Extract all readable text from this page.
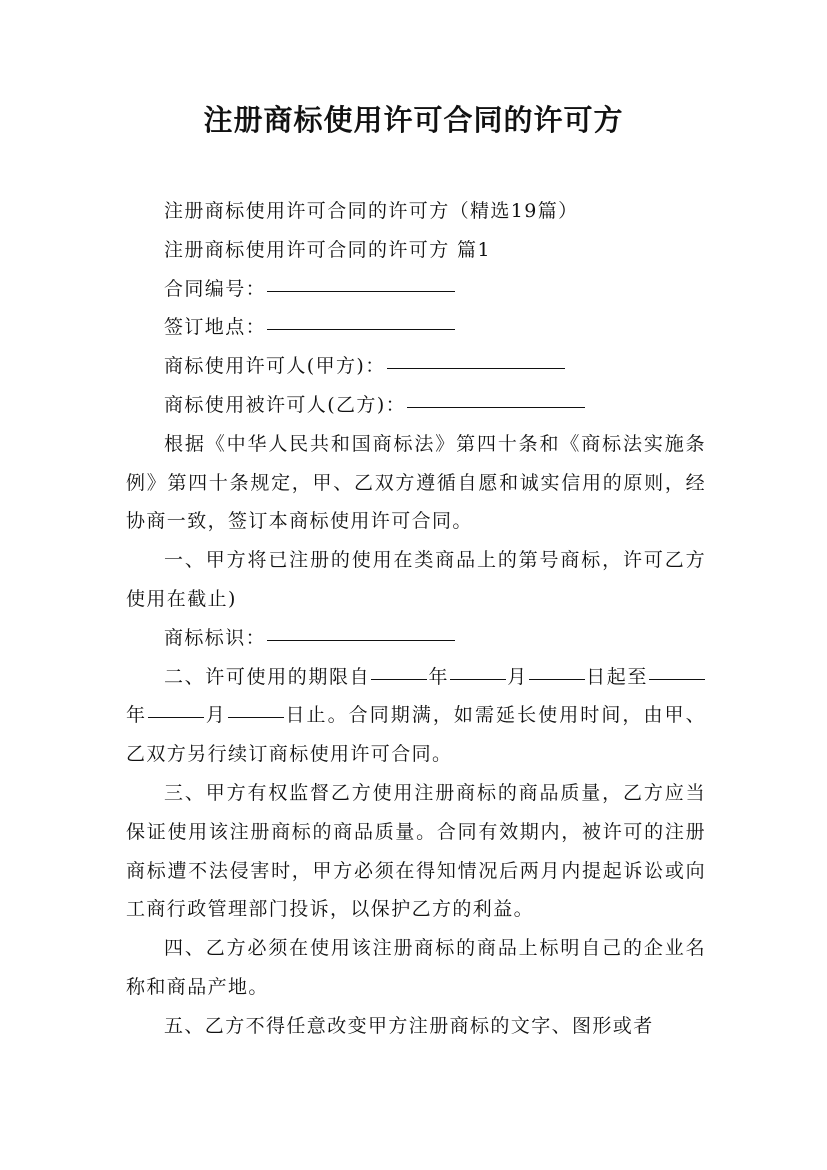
注册商标使用许可合同的许可方

注册商标使用许可合同的许可方（精选19篇）

注册商标使用许可合同的许可方 篇1

合同编号：

签订地点：

商标使用许可人(甲方)：

商标使用被许可人(乙方)：

根据《中华人民共和国商标法》第四十条和《商标法实施条例》第四十条规定，甲、乙双方遵循自愿和诚实信用的原则，经协商一致，签订本商标使用许可合同。

一、甲方将已注册的使用在类商品上的第号商标，许可乙方使用在截止)

商标标识：

二、许可使用的期限自	年	月	日起至年	月	日止。合同期满，如需延长使用时间，由甲、乙双方另行续订商标使用许可合同。

三、甲方有权监督乙方使用注册商标的商品质量，乙方应当保证使用该注册商标的商品质量。合同有效期内，被许可的注册商标遭不法侵害时，甲方必须在得知情况后两月内提起诉讼或向工商行政管理部门投诉，以保护乙方的利益。

四、乙方必须在使用该注册商标的商品上标明自己的企业名称和商品产地。

五、乙方不得任意改变甲方注册商标的文字、图形或者
